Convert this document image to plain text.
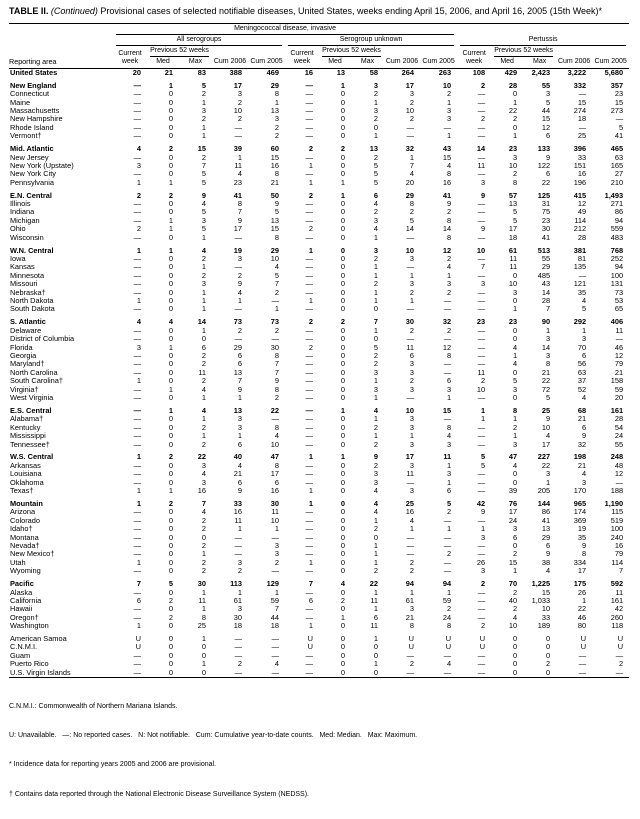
TABLE II. (Continued) Provisional cases of selected notifiable diseases, United States, weeks ending April 15, 2006, and April 16, 2005 (15th Week)*
Reporting area	Meningococcal disease, invasive														

	All serogroups					Serogroup unknown					Pertussis				

	Current week	Previous 52 weeks		Cum 2006	Cum 2005	Current week	Previous 52 weeks		Cum 2006	Cum 2005	Current week	Previous 52 weeks		Cum 2006	Cum 2005
		Med	Max				Med	Max				Med	Max		
United States	20	21	83	388	469	16	13	58	264	263	108	429	2,423	3,222	5,680

New England	—	1	5	17	29	—	1	3	17	10	2	28	55	332	357
Connecticut	—	0	2	3	8	—	0	2	3	2	—	0	3	—	23
Maine	—	0	1	2	1	—	0	1	2	1	—	1	5	15	15
Massachusetts	—	0	3	10	13	—	0	3	10	3	—	22	44	274	273
New Hampshire	—	0	2	2	3	—	0	2	2	3	2	2	15	18	—
Rhode Island	—	0	1	—	2	—	0	0	—	—	—	0	12	—	5
Vermont†	—	0	1	—	2	—	0	1	—	1	—	1	6	25	41

Mid. Atlantic	4	2	15	39	60	2	2	13	32	43	14	23	133	396	465
New Jersey	—	0	2	1	15	—	0	2	1	15	—	3	9	33	63
New York (Upstate)	3	0	7	11	16	1	0	5	7	4	11	10	122	151	165
New York City	—	0	5	4	8	—	0	5	4	8	—	2	6	16	27
Pennsylvania	1	1	5	23	21	1	1	5	20	16	3	8	22	196	210

E.N. Central	2	2	9	41	50	2	1	6	29	41	9	57	125	415	1,493
Illinois	—	0	4	8	9	—	0	4	8	9	—	13	31	12	271
Indiana	—	0	5	7	5	—	0	2	2	2	—	5	75	49	86
Michigan	—	1	3	9	13	—	0	3	5	8	—	5	23	114	94
Ohio	2	1	5	17	15	2	0	4	14	14	9	17	30	212	559
Wisconsin	—	0	1	—	8	—	0	1	—	8	—	18	41	28	483

W.N. Central	1	1	4	19	29	1	0	3	10	12	10	61	513	381	768
Iowa	—	0	2	3	10	—	0	2	3	2	—	11	55	81	252
Kansas	—	0	1	—	4	—	0	1	—	4	7	11	29	135	94
Minnesota	—	0	2	2	5	—	0	1	1	1	—	0	485	—	100
Missouri	—	0	3	9	7	—	0	2	3	3	3	10	43	121	131
Nebraska†	—	0	1	4	2	—	0	1	2	2	—	3	14	35	73
North Dakota	1	0	1	1	—	1	0	1	1	—	—	0	28	4	53
South Dakota	—	0	1	—	1	—	0	0	—	—	—	1	7	5	65

S. Atlantic	4	4	14	73	73	2	2	7	30	32	23	23	90	292	406
Delaware	—	0	1	2	2	—	0	1	2	2	—	0	1	1	11
District of Columbia	—	0	0	—	—	—	0	0	—	—	—	0	3	3	—
Florida	3	1	6	29	30	2	0	5	11	12	—	4	14	70	46
Georgia	—	0	2	6	8	—	0	2	6	8	—	1	3	6	12
Maryland†	—	0	2	6	7	—	0	2	3	—	—	4	8	56	79
North Carolina	—	0	11	13	7	—	0	3	3	—	11	0	21	63	21
South Carolina†	1	0	2	7	9	—	0	1	2	6	2	5	22	37	158
Virginia†	—	1	4	9	8	—	0	3	3	3	10	3	72	52	59
West Virginia	—	0	1	1	2	—	0	1	—	1	—	0	5	4	20

E.S. Central	—	1	4	13	22	—	1	4	10	15	1	8	25	68	161
Alabama†	—	0	1	3	—	—	0	1	3	—	1	1	9	21	28
Kentucky	—	0	2	3	8	—	0	2	3	8	—	2	10	6	54
Mississippi	—	0	1	1	4	—	0	1	1	4	—	1	4	9	24
Tennessee†	—	0	2	6	10	—	0	2	3	3	—	3	17	32	55

W.S. Central	1	2	22	40	47	1	1	9	17	11	5	47	227	198	248
Arkansas	—	0	3	4	8	—	0	2	3	1	5	4	22	21	48
Louisiana	—	0	4	21	17	—	0	3	11	3	—	0	3	4	12
Oklahoma	—	0	3	6	6	—	0	3	—	1	—	0	1	3	—
Texas†	1	1	16	9	16	1	0	4	3	6	—	39	205	170	188

Mountain	1	2	7	33	30	1	0	4	25	5	42	76	144	965	1,190
Arizona	—	0	4	16	11	—	0	4	16	2	9	17	86	174	115
Colorado	—	0	2	11	10	—	0	1	4	—	—	24	41	369	519
Idaho†	—	0	2	1	1	—	0	2	1	1	1	3	13	19	100
Montana	—	0	0	—	—	—	0	0	—	—	3	6	29	35	240
Nevada†	—	0	2	—	3	—	0	1	—	—	—	0	6	9	16
New Mexico†	—	0	1	—	3	—	0	1	—	2	—	2	9	8	79
Utah	1	0	2	3	2	1	0	1	2	—	26	15	38	334	114
Wyoming	—	0	2	2	—	—	0	2	2	—	3	1	4	17	7

Pacific	7	5	30	113	129	7	4	22	94	94	2	70	1,225	175	592
Alaska	—	0	1	1	1	—	0	1	1	1	—	2	15	26	11
California	6	2	11	61	59	6	2	11	61	59	—	40	1,033	1	161
Hawaii	—	0	1	3	7	—	0	1	3	2	—	2	10	22	42
Oregon†	—	2	8	30	44	—	1	6	21	24	—	4	33	46	260
Washington	1	0	25	18	18	1	0	11	8	8	2	10	189	80	118

American Samoa	U	0	1	—	—	U	0	1	U	U	U	0	0	U	U
C.N.M.I.	U	0	0	—	—	U	0	0	U	U	U	0	0	U	U
Guam	—	0	0	—	—	—	0	0	—	—	—	0	0	—	—
Puerto Rico	—	0	1	2	4	—	0	1	2	4	—	0	2	—	2
U.S. Virgin Islands	—	0	0	—	—	—	0	0	—	—	—	0	0	—	—

C.N.M.I.: Commonwealth of Northern Mariana Islands.

U: Unavailable.   —: No reported cases.   N: Not notifiable.   Cum: Cumulative year-to-date counts.   Med: Median.   Max: Maximum.

* Incidence data for reporting years 2005 and 2006 are provisional.

† Contains data reported through the National Electronic Disease Surveillance System (NEDSS).
